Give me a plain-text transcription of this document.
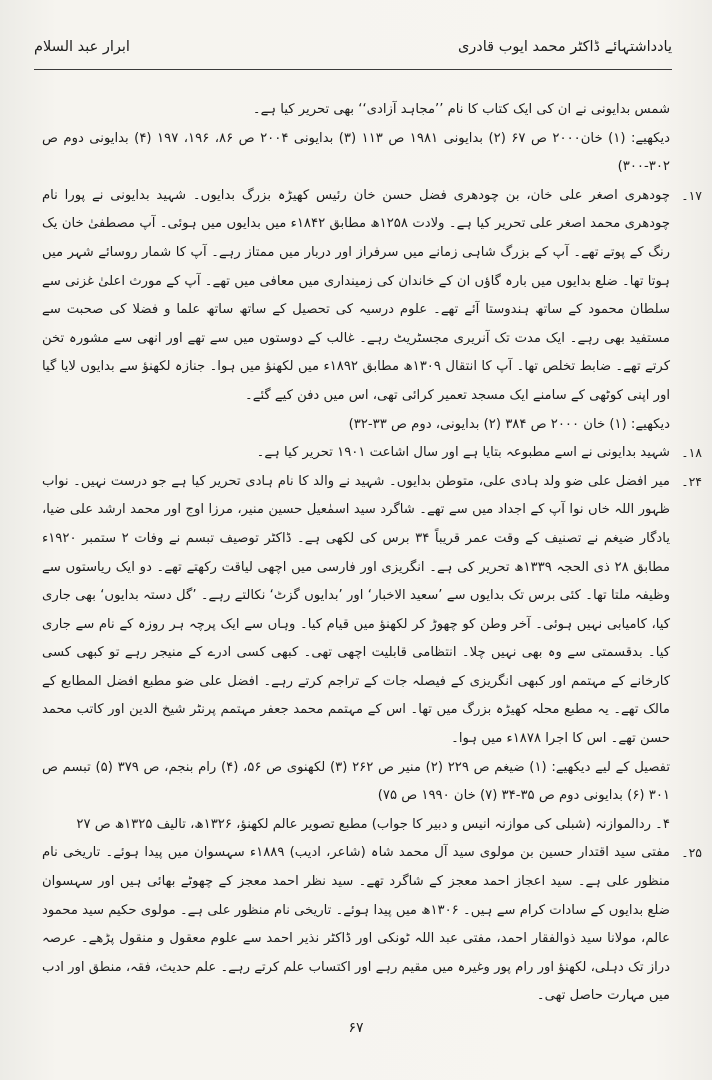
یادداشتہائے ڈاکٹر محمد ایوب قادری
ابرار عبد السلام

شمس بدایونی نے ان کی ایک کتاب کا نام ’’مجاہد آزادی‘‘ بھی تحریر کیا ہے۔

دیکھیے: (۱) خان۲۰۰۰ ص ۶۷ (۲) بدایونی ۱۹۸۱ ص ۱۱۳ (۳) بدایونی ۲۰۰۴ ص ۸۶، ۱۹۶، ۱۹۷ (۴) بدایونی دوم ص ۳۰۲-۳۰۰)

۱۷۔
چودھری اصغر علی خان، بن چودھری فضل حسن خان رئیس کھیڑہ بزرگ بدایوں۔ شہید بدایونی نے پورا نام چودھری محمد اصغر علی تحریر کیا ہے۔ ولادت ۱۲۵۸ھ مطابق ۱۸۴۲ء میں بدایوں میں ہوئی۔ آپ مصطفیٰ خان یک رنگ کے پوتے تھے۔ آپ کے بزرگ شاہی زمانے میں سرفراز اور دربار میں ممتاز رہے۔ آپ کا شمار روسائے شہر میں ہوتا تھا۔ ضلع بدایوں میں بارہ گاؤں ان کے خاندان کی زمینداری میں معافی میں تھے۔ آپ کے مورث اعلیٰ غزنی سے سلطان محمود کے ساتھ ہندوستا آئے تھے۔ علوم درسیہ کی تحصیل کے ساتھ ساتھ علما و فضلا کی صحبت سے مستفید بھی رہے۔ ایک مدت تک آنریری مجسٹریٹ رہے۔ غالب کے دوستوں میں سے تھے اور انھی سے مشورہ تخن کرتے تھے۔ ضابط تخلص تھا۔ آپ کا انتقال ۱۳۰۹ھ مطابق ۱۸۹۲ء میں لکھنؤ میں ہوا۔ جنازہ لکھنؤ سے بدایوں لایا گیا اور اپنی کوٹھی کے سامنے ایک مسجد تعمیر کرائی تھی، اس میں دفن کیے گئے۔

دیکھیے: (۱) خان ۲۰۰۰ ص ۳۸۴ (۲) بدایونی، دوم ص ۳۳-۳۲)

۱۸۔
شہید بدایونی نے اسے مطبوعہ بتایا ہے اور سال اشاعت ۱۹۰۱ تحریر کیا ہے۔

۲۴۔
میر افضل علی ضو ولد ہادی علی، متوطن بدایوں۔ شہید نے والد کا نام ہادی تحریر کیا ہے جو درست نہیں۔ نواب ظہور اللہ خاں نوا آپ کے اجداد میں سے تھے۔ شاگرد سید اسمٰعیل حسین منیر، مرزا اوج اور محمد ارشد علی ضیا، یادگار ضیغم نے تصنیف کے وقت عمر قریباً ۳۴ برس کی لکھی ہے۔ ڈاکٹر توصیف تبسم نے وفات ۲ ستمبر ۱۹۲۰ء مطابق ۲۸ ذی الحجہ ۱۳۳۹ھ تحریر کی ہے۔ انگریزی اور فارسی میں اچھی لیاقت رکھتے تھے۔ دو ایک ریاستوں سے وظیفہ ملتا تھا۔ کئی برس تک بدایوں سے ’سعید الاخبار‘ اور ’بدایوں گزٹ‘ نکالتے رہے۔ ’گل دستہ بدایوں‘ بھی جاری کیا، کامیابی نہیں ہوئی۔ آخر وطن کو چھوڑ کر لکھنؤ میں قیام کیا۔ وہاں سے ایک پرچہ ہر روزہ کے نام سے جاری کیا۔ بدقسمتی سے وہ بھی نہیں چلا۔ انتظامی قابلیت اچھی تھی۔ کبھی کسی ادرے کے منیجر رہے تو کبھی کسی کارخانے کے مہتمم اور کبھی انگریزی کے فیصلہ جات کے تراجم کرتے رہے۔ افضل علی ضو مطبع افضل المطابع کے مالک تھے۔ یہ مطبع محلہ کھیڑہ بزرگ میں تھا۔ اس کے مہتمم محمد جعفر مہتمم پرنٹر شیخ الدین اور کاتب محمد حسن تھے۔ اس کا اجرا ۱۸۷۸ء میں ہوا۔

تفصیل کے لیے دیکھیے: (۱) ضیغم ص ۲۲۹ (۲) منیر ص ۲۶۲ (۳) لکھنوی ص ۵۶، (۴) رام بنجم، ص ۳۷۹ (۵) تبسم ص ۳۰۱ (۶) بدایونی دوم ص ۳۵-۳۴ (۷) خان ۱۹۹۰ ص ۷۵)

۴۔ ردالموازنہ (شبلی کی موازنہ انیس و دبیر کا جواب) مطبع تصویر عالم لکھنؤ، ۱۳۲۶ھ، تالیف ۱۳۲۵ھ ص ۲۷

۲۵۔
مفتی سید اقتدار حسین بن مولوی سید آل محمد شاہ (شاعر، ادیب) ۱۸۸۹ء سہسوان میں پیدا ہوئے۔ تاریخی نام منظور علی ہے۔ سید اعجاز احمد معجز کے شاگرد تھے۔ سید نظر احمد معجز کے چھوٹے بھائی ہیں اور سہسوان ضلع بدایوں کے سادات کرام سے ہیں۔ ۱۳۰۶ھ میں پیدا ہوئے۔ تاریخی نام منظور علی ہے۔ مولوی حکیم سید محمود عالم، مولانا سید ذوالفقار احمد، مفتی عبد اللہ ٹونکی اور ڈاکٹر نذیر احمد سے علوم معقول و منقول پڑھے۔ عرصہ دراز تک دہلی، لکھنؤ اور رام پور وغیرہ میں مقیم رہے اور اکتساب علم کرتے رہے۔ علم حدیث، فقہ، منطق اور ادب میں مہارت حاصل تھی۔

۶۷
